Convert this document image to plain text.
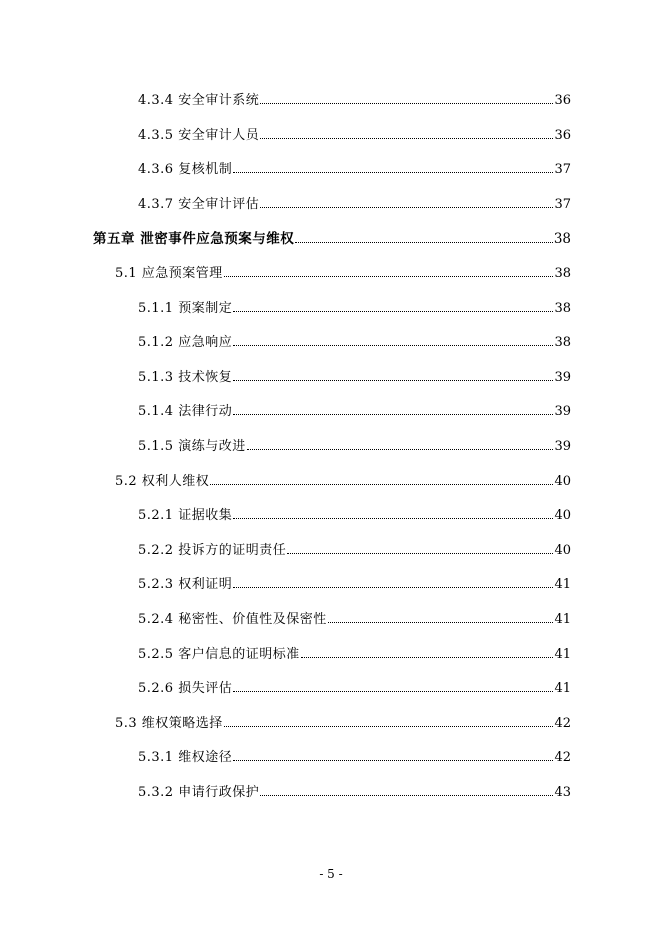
4.3.4 安全审计系统	36
4.3.5 安全审计人员	36
4.3.6 复核机制	37
4.3.7 安全审计评估	37
第五章 泄密事件应急预案与维权	38
5.1 应急预案管理	38
5.1.1 预案制定	38
5.1.2 应急响应	38
5.1.3 技术恢复	39
5.1.4 法律行动	39
5.1.5 演练与改进	39
5.2 权利人维权	40
5.2.1 证据收集	40
5.2.2 投诉方的证明责任	40
5.2.3 权利证明	41
5.2.4 秘密性、价值性及保密性	41
5.2.5 客户信息的证明标准	41
5.2.6 损失评估	41
5.3 维权策略选择	42
5.3.1 维权途径	42
5.3.2 申请行政保护	43
- 5 -
